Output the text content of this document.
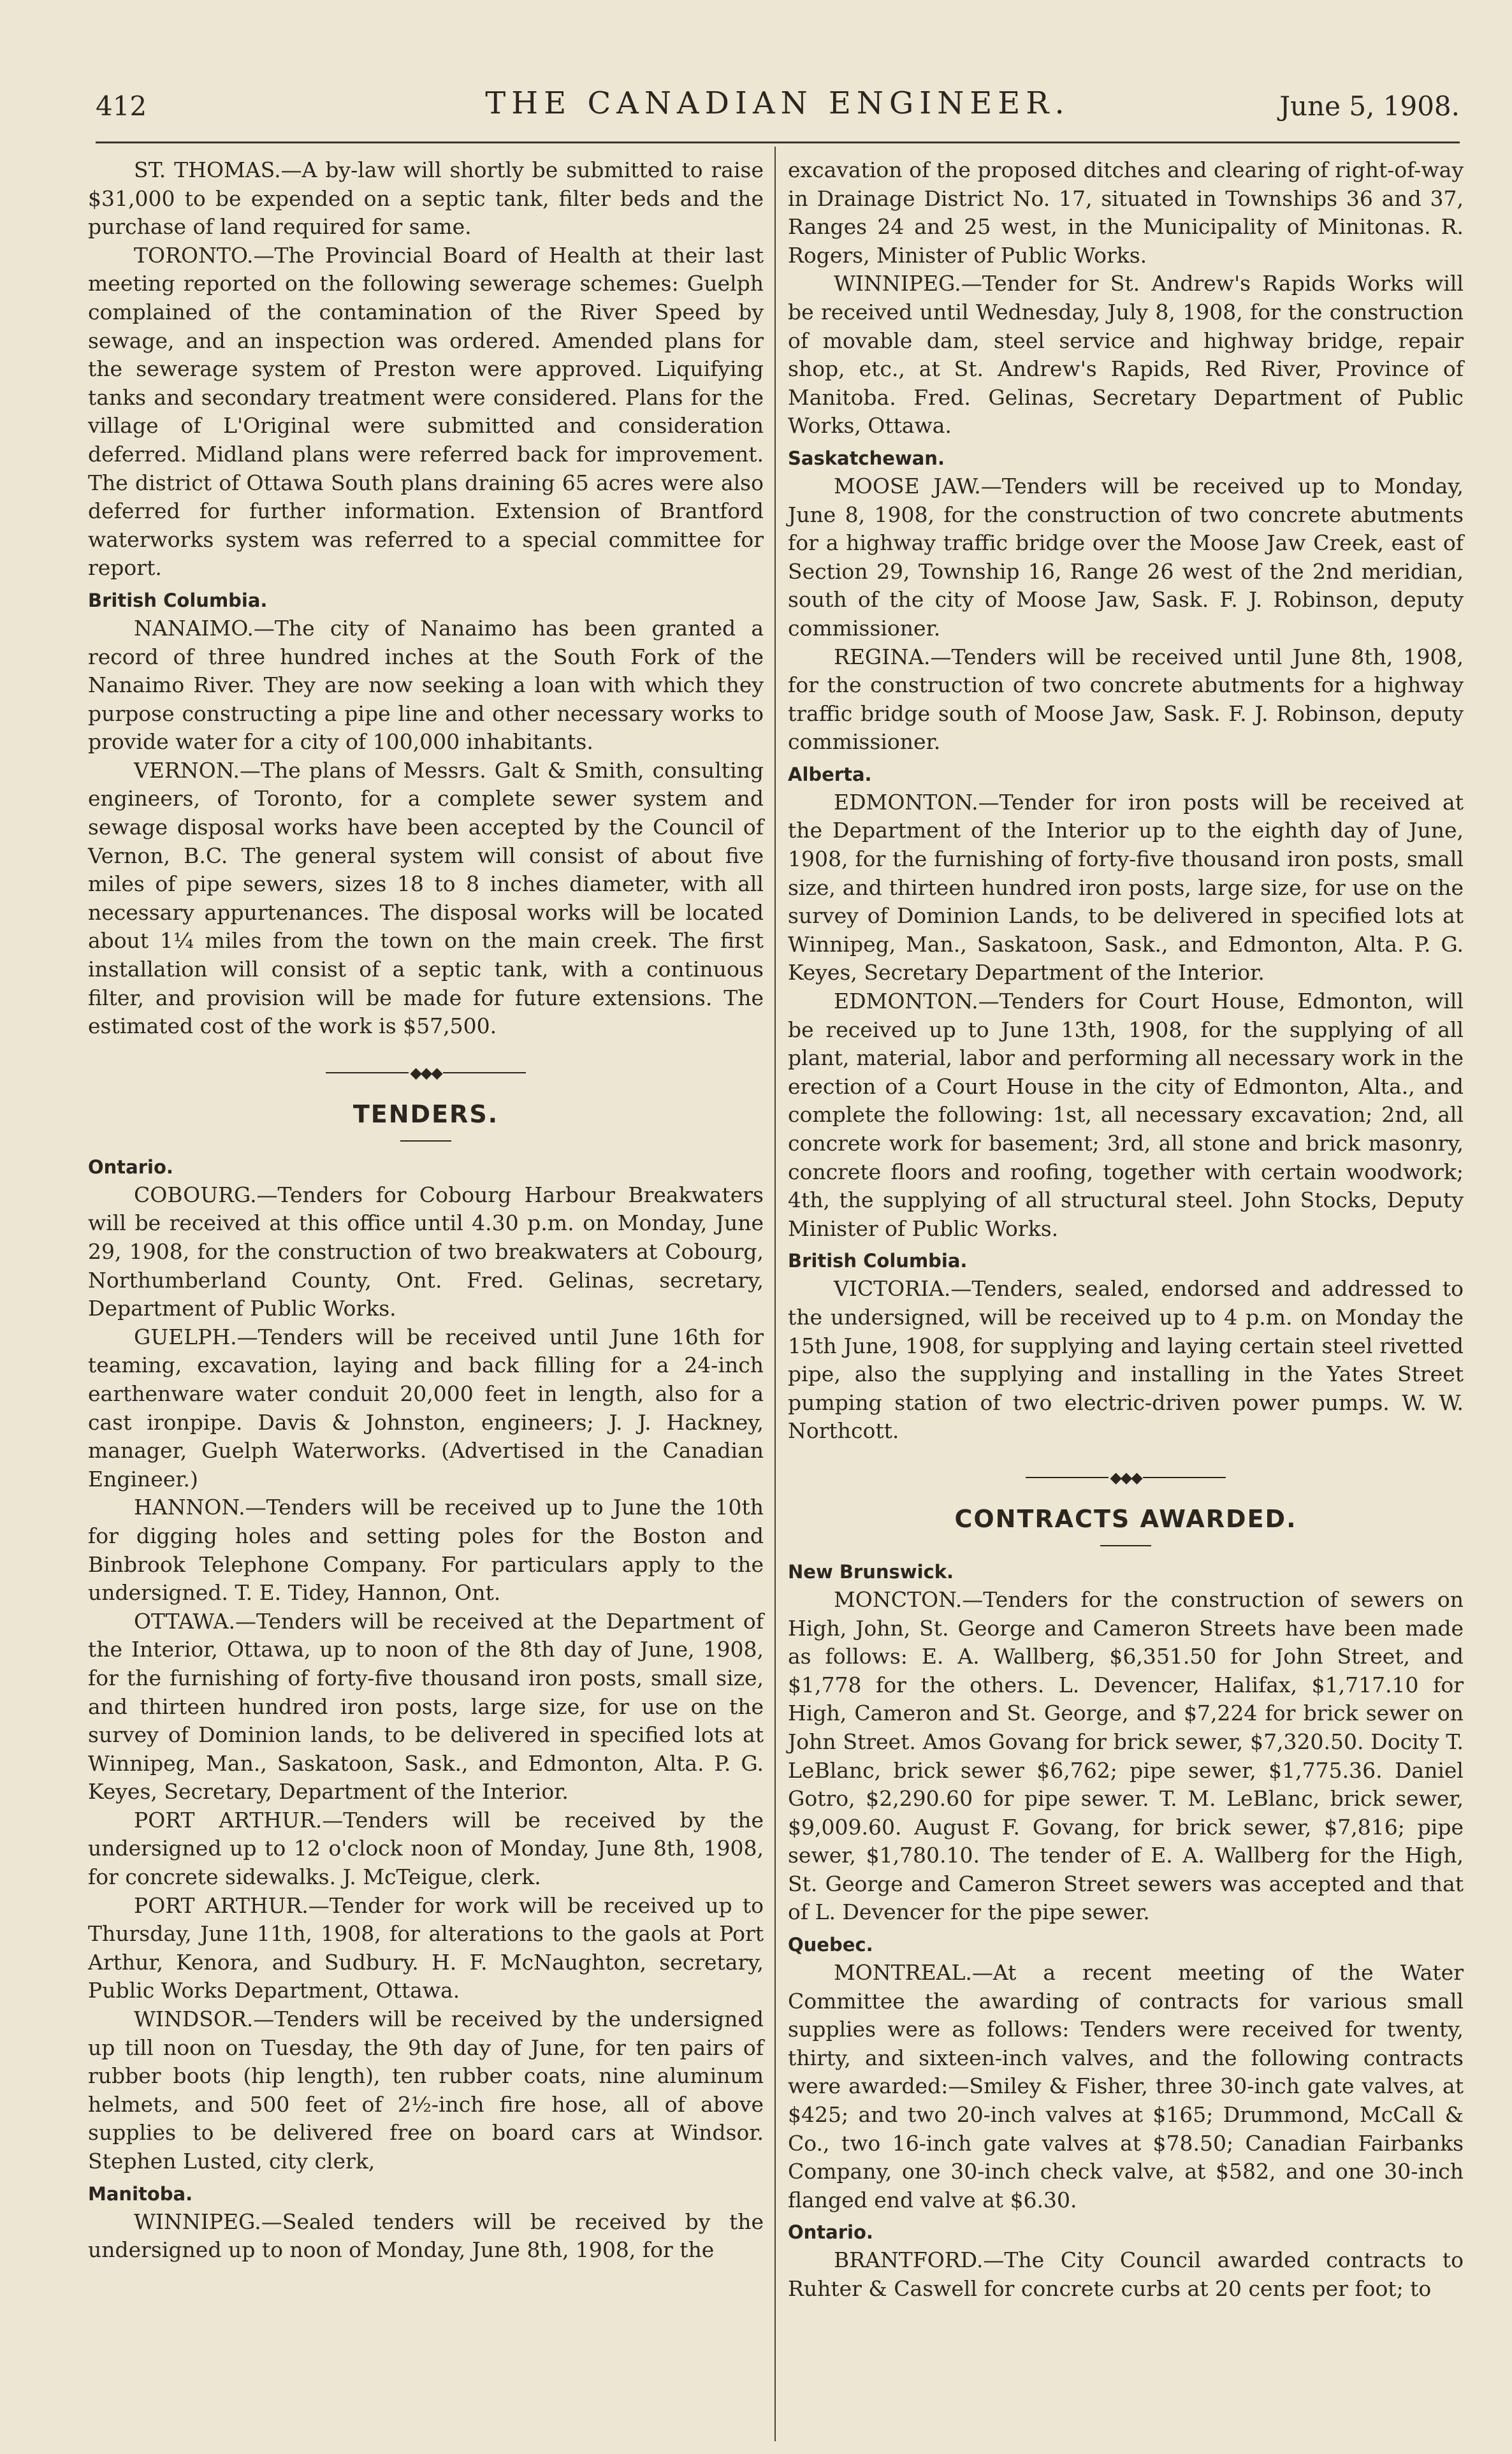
412	THE CANADIAN ENGINEER.	June 5, 1908.

ST. THOMAS.—A by-law will shortly be submitted to raise $31,000 to be expended on a septic tank, filter beds and the purchase of land required for same.

TORONTO.—The Provincial Board of Health at their last meeting reported on the following sewerage schemes: Guelph complained of the contamination of the River Speed by sewage, and an inspection was ordered. Amended plans for the sewerage system of Preston were approved. Liquifying tanks and secondary treatment were considered. Plans for the village of L'Original were submitted and consideration deferred. Midland plans were referred back for improvement. The district of Ottawa South plans draining 65 acres were also deferred for further information. Extension of Brantford waterworks system was referred to a special committee for report.

British Columbia.

NANAIMO.—The city of Nanaimo has been granted a record of three hundred inches at the South Fork of the Nanaimo River. They are now seeking a loan with which they purpose constructing a pipe line and other necessary works to provide water for a city of 100,000 inhabitants.

VERNON.—The plans of Messrs. Galt & Smith, consulting engineers, of Toronto, for a complete sewer system and sewage disposal works have been accepted by the Council of Vernon, B.C. The general system will consist of about five miles of pipe sewers, sizes 18 to 8 inches diameter, with all necessary appurtenances. The disposal works will be located about 1¼ miles from the town on the main creek. The first installation will consist of a septic tank, with a continuous filter, and provision will be made for future extensions. The estimated cost of the work is $57,500.

◆◆◆
TENDERS.
Ontario.

COBOURG.—Tenders for Cobourg Harbour Breakwaters will be received at this office until 4.30 p.m. on Monday, June 29, 1908, for the construction of two breakwaters at Cobourg, Northumberland County, Ont. Fred. Gelinas, secretary, Department of Public Works.

GUELPH.—Tenders will be received until June 16th for teaming, excavation, laying and back filling for a 24-inch earthenware water conduit 20,000 feet in length, also for a cast ironpipe. Davis & Johnston, engineers; J. J. Hackney, manager, Guelph Waterworks. (Advertised in the Canadian Engineer.)

HANNON.—Tenders will be received up to June the 10th for digging holes and setting poles for the Boston and Binbrook Telephone Company. For particulars apply to the undersigned. T. E. Tidey, Hannon, Ont.

OTTAWA.—Tenders will be received at the Department of the Interior, Ottawa, up to noon of the 8th day of June, 1908, for the furnishing of forty-five thousand iron posts, small size, and thirteen hundred iron posts, large size, for use on the survey of Dominion lands, to be delivered in specified lots at Winnipeg, Man., Saskatoon, Sask., and Edmonton, Alta. P. G. Keyes, Secretary, Department of the Interior.

PORT ARTHUR.—Tenders will be received by the undersigned up to 12 o'clock noon of Monday, June 8th, 1908, for concrete sidewalks. J. McTeigue, clerk.

PORT ARTHUR.—Tender for work will be received up to Thursday, June 11th, 1908, for alterations to the gaols at Port Arthur, Kenora, and Sudbury. H. F. McNaughton, secretary, Public Works Department, Ottawa.

WINDSOR.—Tenders will be received by the undersigned up till noon on Tuesday, the 9th day of June, for ten pairs of rubber boots (hip length), ten rubber coats, nine aluminum helmets, and 500 feet of 2½-inch fire hose, all of above supplies to be delivered free on board cars at Windsor. Stephen Lusted, city clerk,

Manitoba.

WINNIPEG.—Sealed tenders will be received by the undersigned up to noon of Monday, June 8th, 1908, for the

excavation of the proposed ditches and clearing of right-of-way in Drainage District No. 17, situated in Townships 36 and 37, Ranges 24 and 25 west, in the Municipality of Minitonas. R. Rogers, Minister of Public Works.

WINNIPEG.—Tender for St. Andrew's Rapids Works will be received until Wednesday, July 8, 1908, for the construction of movable dam, steel service and highway bridge, repair shop, etc., at St. Andrew's Rapids, Red River, Province of Manitoba. Fred. Gelinas, Secretary Department of Public Works, Ottawa.

Saskatchewan.

MOOSE JAW.—Tenders will be received up to Monday, June 8, 1908, for the construction of two concrete abutments for a highway traffic bridge over the Moose Jaw Creek, east of Section 29, Township 16, Range 26 west of the 2nd meridian, south of the city of Moose Jaw, Sask. F. J. Robinson, deputy commissioner.

REGINA.—Tenders will be received until June 8th, 1908, for the construction of two concrete abutments for a highway traffic bridge south of Moose Jaw, Sask. F. J. Robinson, deputy commissioner.

Alberta.

EDMONTON.—Tender for iron posts will be received at the Department of the Interior up to the eighth day of June, 1908, for the furnishing of forty-five thousand iron posts, small size, and thirteen hundred iron posts, large size, for use on the survey of Dominion Lands, to be delivered in specified lots at Winnipeg, Man., Saskatoon, Sask., and Edmonton, Alta. P. G. Keyes, Secretary Department of the Interior.

EDMONTON.—Tenders for Court House, Edmonton, will be received up to June 13th, 1908, for the supplying of all plant, material, labor and performing all necessary work in the erection of a Court House in the city of Edmonton, Alta., and complete the following: 1st, all necessary excavation; 2nd, all concrete work for basement; 3rd, all stone and brick masonry, concrete floors and roofing, together with certain woodwork; 4th, the supplying of all structural steel. John Stocks, Deputy Minister of Public Works.

British Columbia.

VICTORIA.—Tenders, sealed, endorsed and addressed to the undersigned, will be received up to 4 p.m. on Monday the 15th June, 1908, for supplying and laying certain steel rivetted pipe, also the supplying and installing in the Yates Street pumping station of two electric-driven power pumps. W. W. Northcott.

◆◆◆
CONTRACTS AWARDED.
New Brunswick.

MONCTON.—Tenders for the construction of sewers on High, John, St. George and Cameron Streets have been made as follows: E. A. Wallberg, $6,351.50 for John Street, and $1,778 for the others. L. Devencer, Halifax, $1,717.10 for High, Cameron and St. George, and $7,224 for brick sewer on John Street. Amos Govang for brick sewer, $7,320.50. Docity T. LeBlanc, brick sewer $6,762; pipe sewer, $1,775.36. Daniel Gotro, $2,290.60 for pipe sewer. T. M. LeBlanc, brick sewer, $9,009.60. August F. Govang, for brick sewer, $7,816; pipe sewer, $1,780.10. The tender of E. A. Wallberg for the High, St. George and Cameron Street sewers was accepted and that of L. Devencer for the pipe sewer.

Quebec.

MONTREAL.—At a recent meeting of the Water Committee the awarding of contracts for various small supplies were as follows: Tenders were received for twenty, thirty, and sixteen-inch valves, and the following contracts were awarded:—Smiley & Fisher, three 30-inch gate valves, at $425; and two 20-inch valves at $165; Drummond, McCall & Co., two 16-inch gate valves at $78.50; Canadian Fairbanks Company, one 30-inch check valve, at $582, and one 30-inch flanged end valve at $6.30.

Ontario.

BRANTFORD.—The City Council awarded contracts to Ruhter & Caswell for concrete curbs at 20 cents per foot; to
